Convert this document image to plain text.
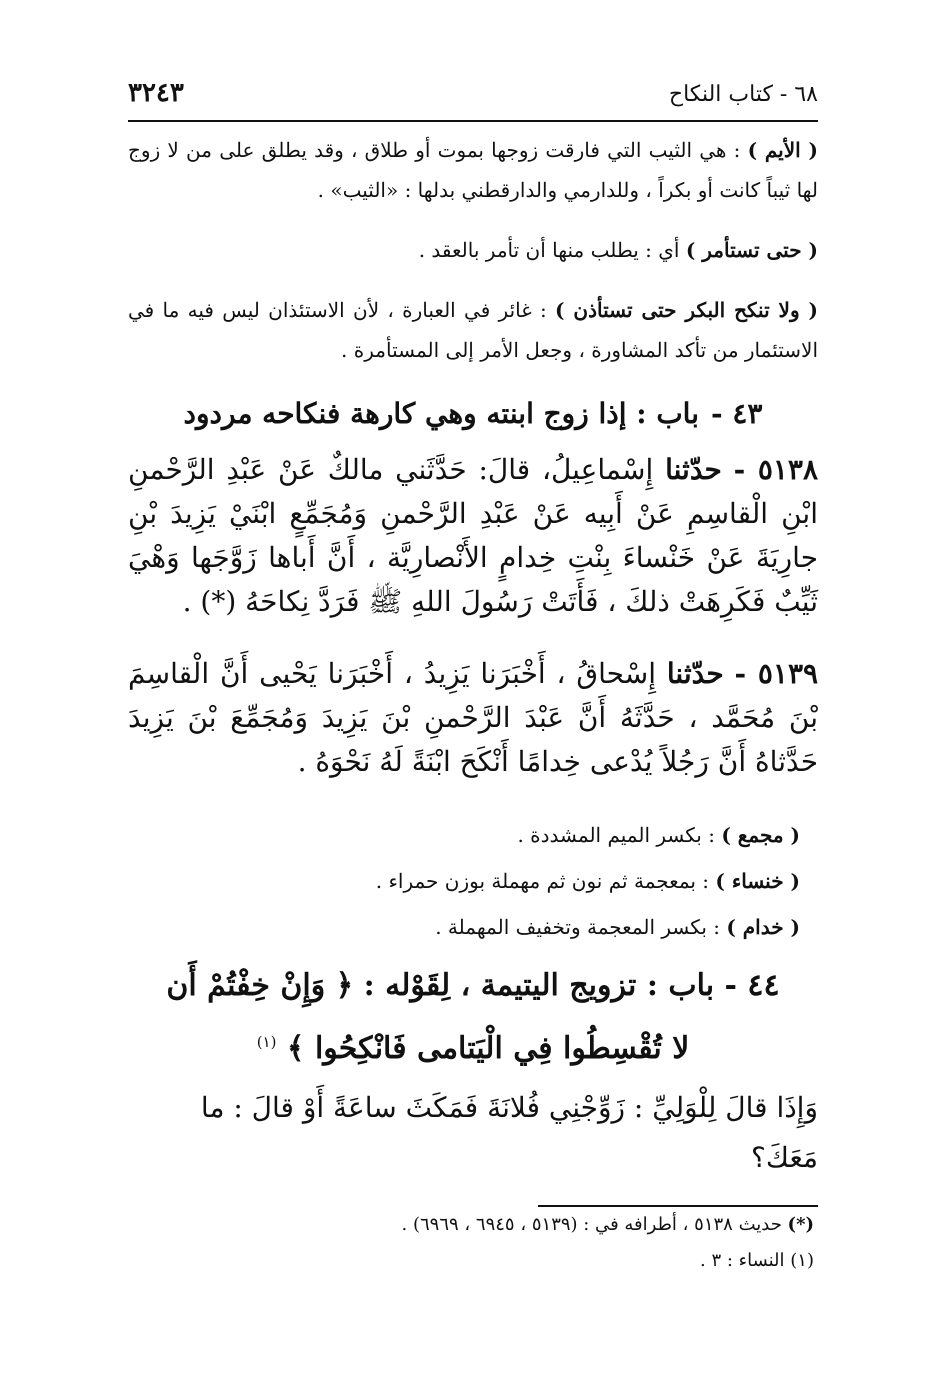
٦٨ - كتاب النكاح
٣٢٤٣

( الأيم ) : هي الثيب التي فارقت زوجها بموت أو طلاق ، وقد يطلق على من لا زوج لها ثيباً كانت أو بكراً ، وللدارمي والدارقطني بدلها : «الثيب» .

( حتى تستأمر ) أي : يطلب منها أن تأمر بالعقد .

( ولا تنكح البكر حتى تستأذن ) : غائر في العبارة ، لأن الاستئذان ليس فيه ما في الاستئمار من تأكد المشاورة ، وجعل الأمر إلى المستأمرة .

٤٣ -باب : إذا زوج ابنته وهي كارهة فنكاحه مردود

٥١٣٨ - حدّثنا إِسْماعِيلُ، قالَ: حَدَّثَني مالكٌ عَنْ عَبْدِ الرَّحْمنِ ابْنِ الْقاسِمِ عَنْ أَبِيه عَنْ عَبْدِ الرَّحْمنِ وَمُجَمِّعٍ ابْنَيْ يَزِيدَ بْنِ جارِيَةَ عَنْ خَنْساءَ بِنْتِ خِدامٍ الأَنْصارِيَّة ، أَنَّ أَباها زَوَّجَها وَهْيَ ثَيِّبٌ فَكَرِهَتْ ذلكَ ، فَأَتَتْ رَسُولَ اللهِ ﷺ فَرَدَّ نِكاحَهُ (*) .

٥١٣٩ - حدّثنا إِسْحاقُ ، أَخْبَرَنا يَزِيدُ ، أَخْبَرَنا يَحْيى أَنَّ الْقاسِمَ بْنَ مُحَمَّد ، حَدَّثَهُ أَنَّ عَبْدَ الرَّحْمنِ بْنَ يَزِيدَ وَمُجَمِّعَ بْنَ يَزِيدَ حَدَّثاهُ أَنَّ رَجُلاً يُدْعى خِدامًا أَنْكَحَ ابْنَةً لَهُ نَحْوَهُ .

( مجمع ) : بكسر الميم المشددة .
( خنساء ) : بمعجمة ثم نون ثم مهملة بوزن حمراء .
( خدام ) : بكسر المعجمة وتخفيف المهملة .
٤٤ - باب : تزويج اليتيمة ، لِقَوْله : ﴿ وَإِنْ خِفْتُمْ أَن
لا تُقْسِطُوا فِي الْيَتامى فَانْكِحُوا ﴾ $^{(١)}$
وَإِذَا قالَ لِلْوَلِيِّ : زَوِّجْنِي فُلانَةَ فَمَكَثَ ساعَةً أَوْ قالَ : ما مَعَكَ؟
(*) حديث ٥١٣٨ ، أطرافه في : (٥١٣٩ ، ٦٩٤٥ ، ٦٩٦٩) .
(١) النساء : ٣ .
